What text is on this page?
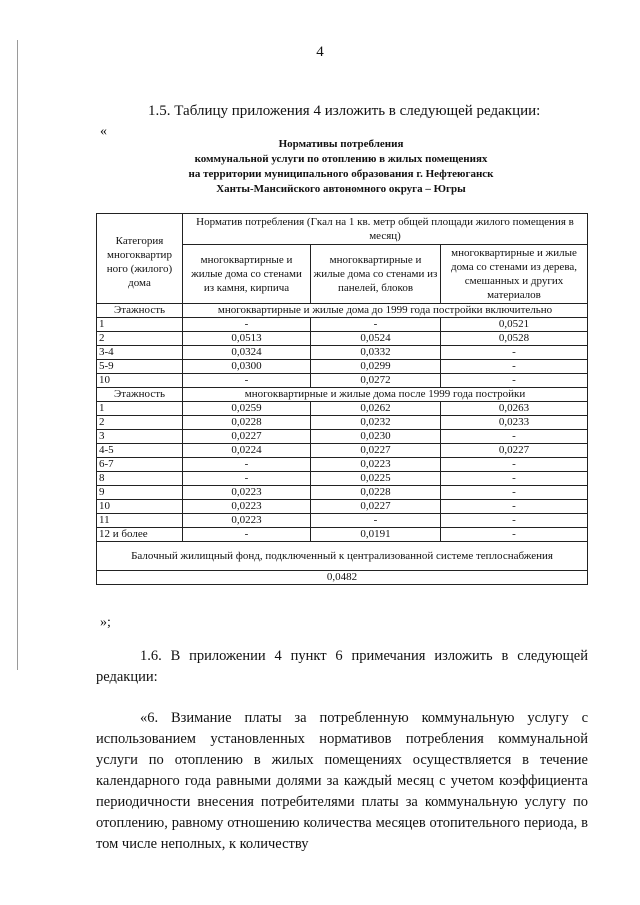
4
1.5. Таблицу приложения 4 изложить в следующей редакции:
«
Нормативы потребления
коммунальной услуги по отоплению в жилых помещениях
на территории муниципального образования г. Нефтеюганск
Ханты-Мансийского автономного округа – Югры
Категория многоквартир ного (жилого) дома	Норматив потребления (Гкал на 1 кв. метр общей площади жилого помещения в месяц)		
	многоквартирные и жилые дома со стенами из камня, кирпича	многоквартирные и жилые дома со стенами из панелей, блоков	многоквартирные и жилые дома со стенами из дерева, смешанных и других материалов
Этажность	многоквартирные и жилые дома до 1999 года постройки включительно		
1	-	-	0,0521
2	0,0513	0,0524	0,0528
3-4	0,0324	0,0332	-
5-9	0,0300	0,0299	-
10	-	0,0272	-
Этажность	многоквартирные и жилые дома после 1999 года постройки		
1	0,0259	0,0262	0,0263
2	0,0228	0,0232	0,0233
3	0,0227	0,0230	-
4-5	0,0224	0,0227	0,0227
6-7	-	0,0223	-
8	-	0,0225	-
9	0,0223	0,0228	-
10	0,0223	0,0227	-
11	0,0223	-	-
12 и более	-	0,0191	-
Балочный жилищный фонд, подключенный к централизованной системе теплоснабжения			
0,0482			
»;
1.6. В приложении 4 пункт 6 примечания изложить в следующей редакции:
«6. Взимание платы за потребленную коммунальную услугу с использованием установленных нормативов потребления коммунальной услуги по отоплению в жилых помещениях осуществляется в течение календарного года равными долями за каждый месяц с учетом коэффициента периодичности внесения потребителями платы за коммунальную услугу по отоплению, равному отношению количества месяцев отопительного периода, в том числе неполных, к количеству
